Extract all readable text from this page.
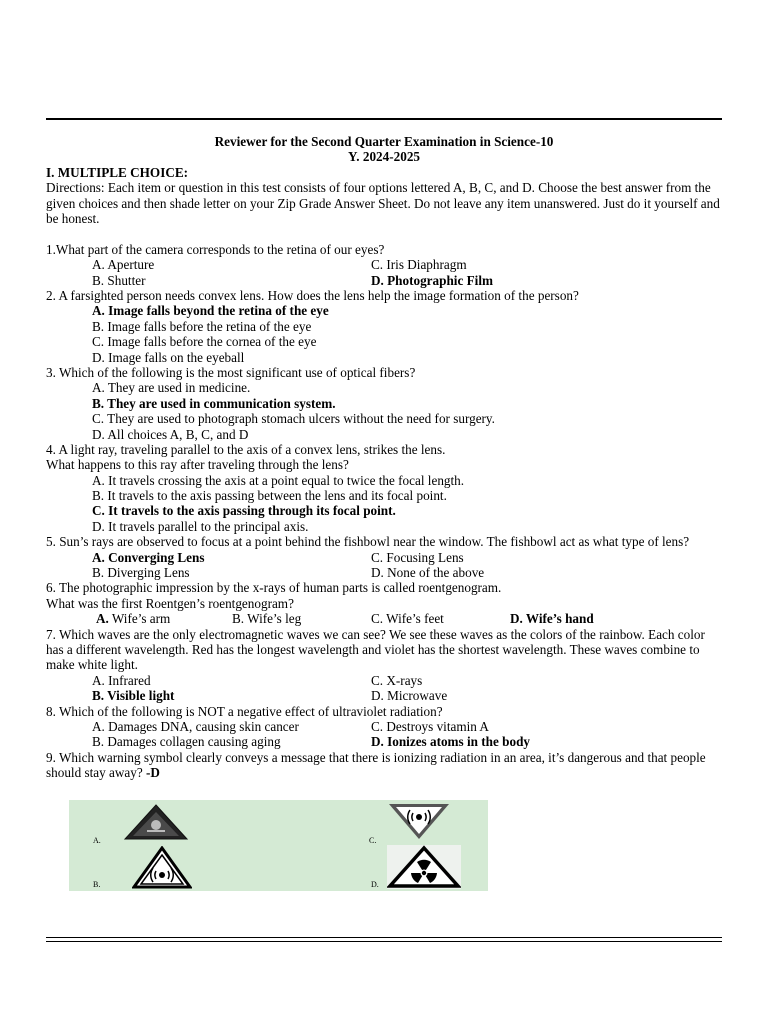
Reviewer for the Second Quarter Examination in Science-10
Y. 2024-2025
I. MULTIPLE CHOICE:
Directions: Each item or question in this test consists of four options lettered A, B, C, and D. Choose the best answer from the given choices and then shade letter on your Zip Grade Answer Sheet. Do not leave any item unanswered. Just do it yourself and be honest.
1.What part of the camera corresponds to the retina of our eyes?
A. Aperture	C. Iris Diaphragm
B. Shutter	D. Photographic Film
2. A farsighted person needs convex lens. How does the lens help the image formation of the person?
A. Image falls beyond the retina of the eye
B. Image falls before the retina of the eye
C. Image falls before the cornea of the eye
D. Image falls on the eyeball
3. Which of the following is the most significant use of optical fibers?
A. They are used in medicine.
B. They are used in communication system.
C. They are used to photograph stomach ulcers without the need for surgery.
D. All choices A, B, C, and D
4. A light ray, traveling parallel to the axis of a convex lens, strikes the lens.
What happens to this ray after traveling through the lens?
A. It travels crossing the axis at a point equal to twice the focal length.
B. It travels to the axis passing between the lens and its focal point.
C. It travels to the axis passing through its focal point.
D. It travels parallel to the principal axis.
5. Sun’s rays are observed to focus at a point behind the fishbowl near the window. The fishbowl act as what type of lens?
A. Converging Lens	C. Focusing Lens
B. Diverging Lens	D. None of the above
6. The photographic impression by the x-rays of human parts is called roentgenogram.
What was the first Roentgen’s roentgenogram?
A. Wife’s arm	B. Wife’s leg	C. Wife’s feet	D. Wife’s hand
7. Which waves are the only electromagnetic waves we can see? We see these waves as the colors of the rainbow. Each color has a different wavelength. Red has the longest wavelength and violet has the shortest wavelength. These waves combine to make white light.
A. Infrared	C. X-rays
B. Visible light	D. Microwave
8. Which of the following is NOT a negative effect of ultraviolet radiation?
A. Damages DNA, causing skin cancer	C. Destroys vitamin A
B. Damages collagen causing aging	D. Ionizes atoms in the body
9. Which warning symbol clearly conveys a message that there is ionizing radiation in an area, it’s dangerous and that people should stay away? -D
A.
B.
C.
D.
